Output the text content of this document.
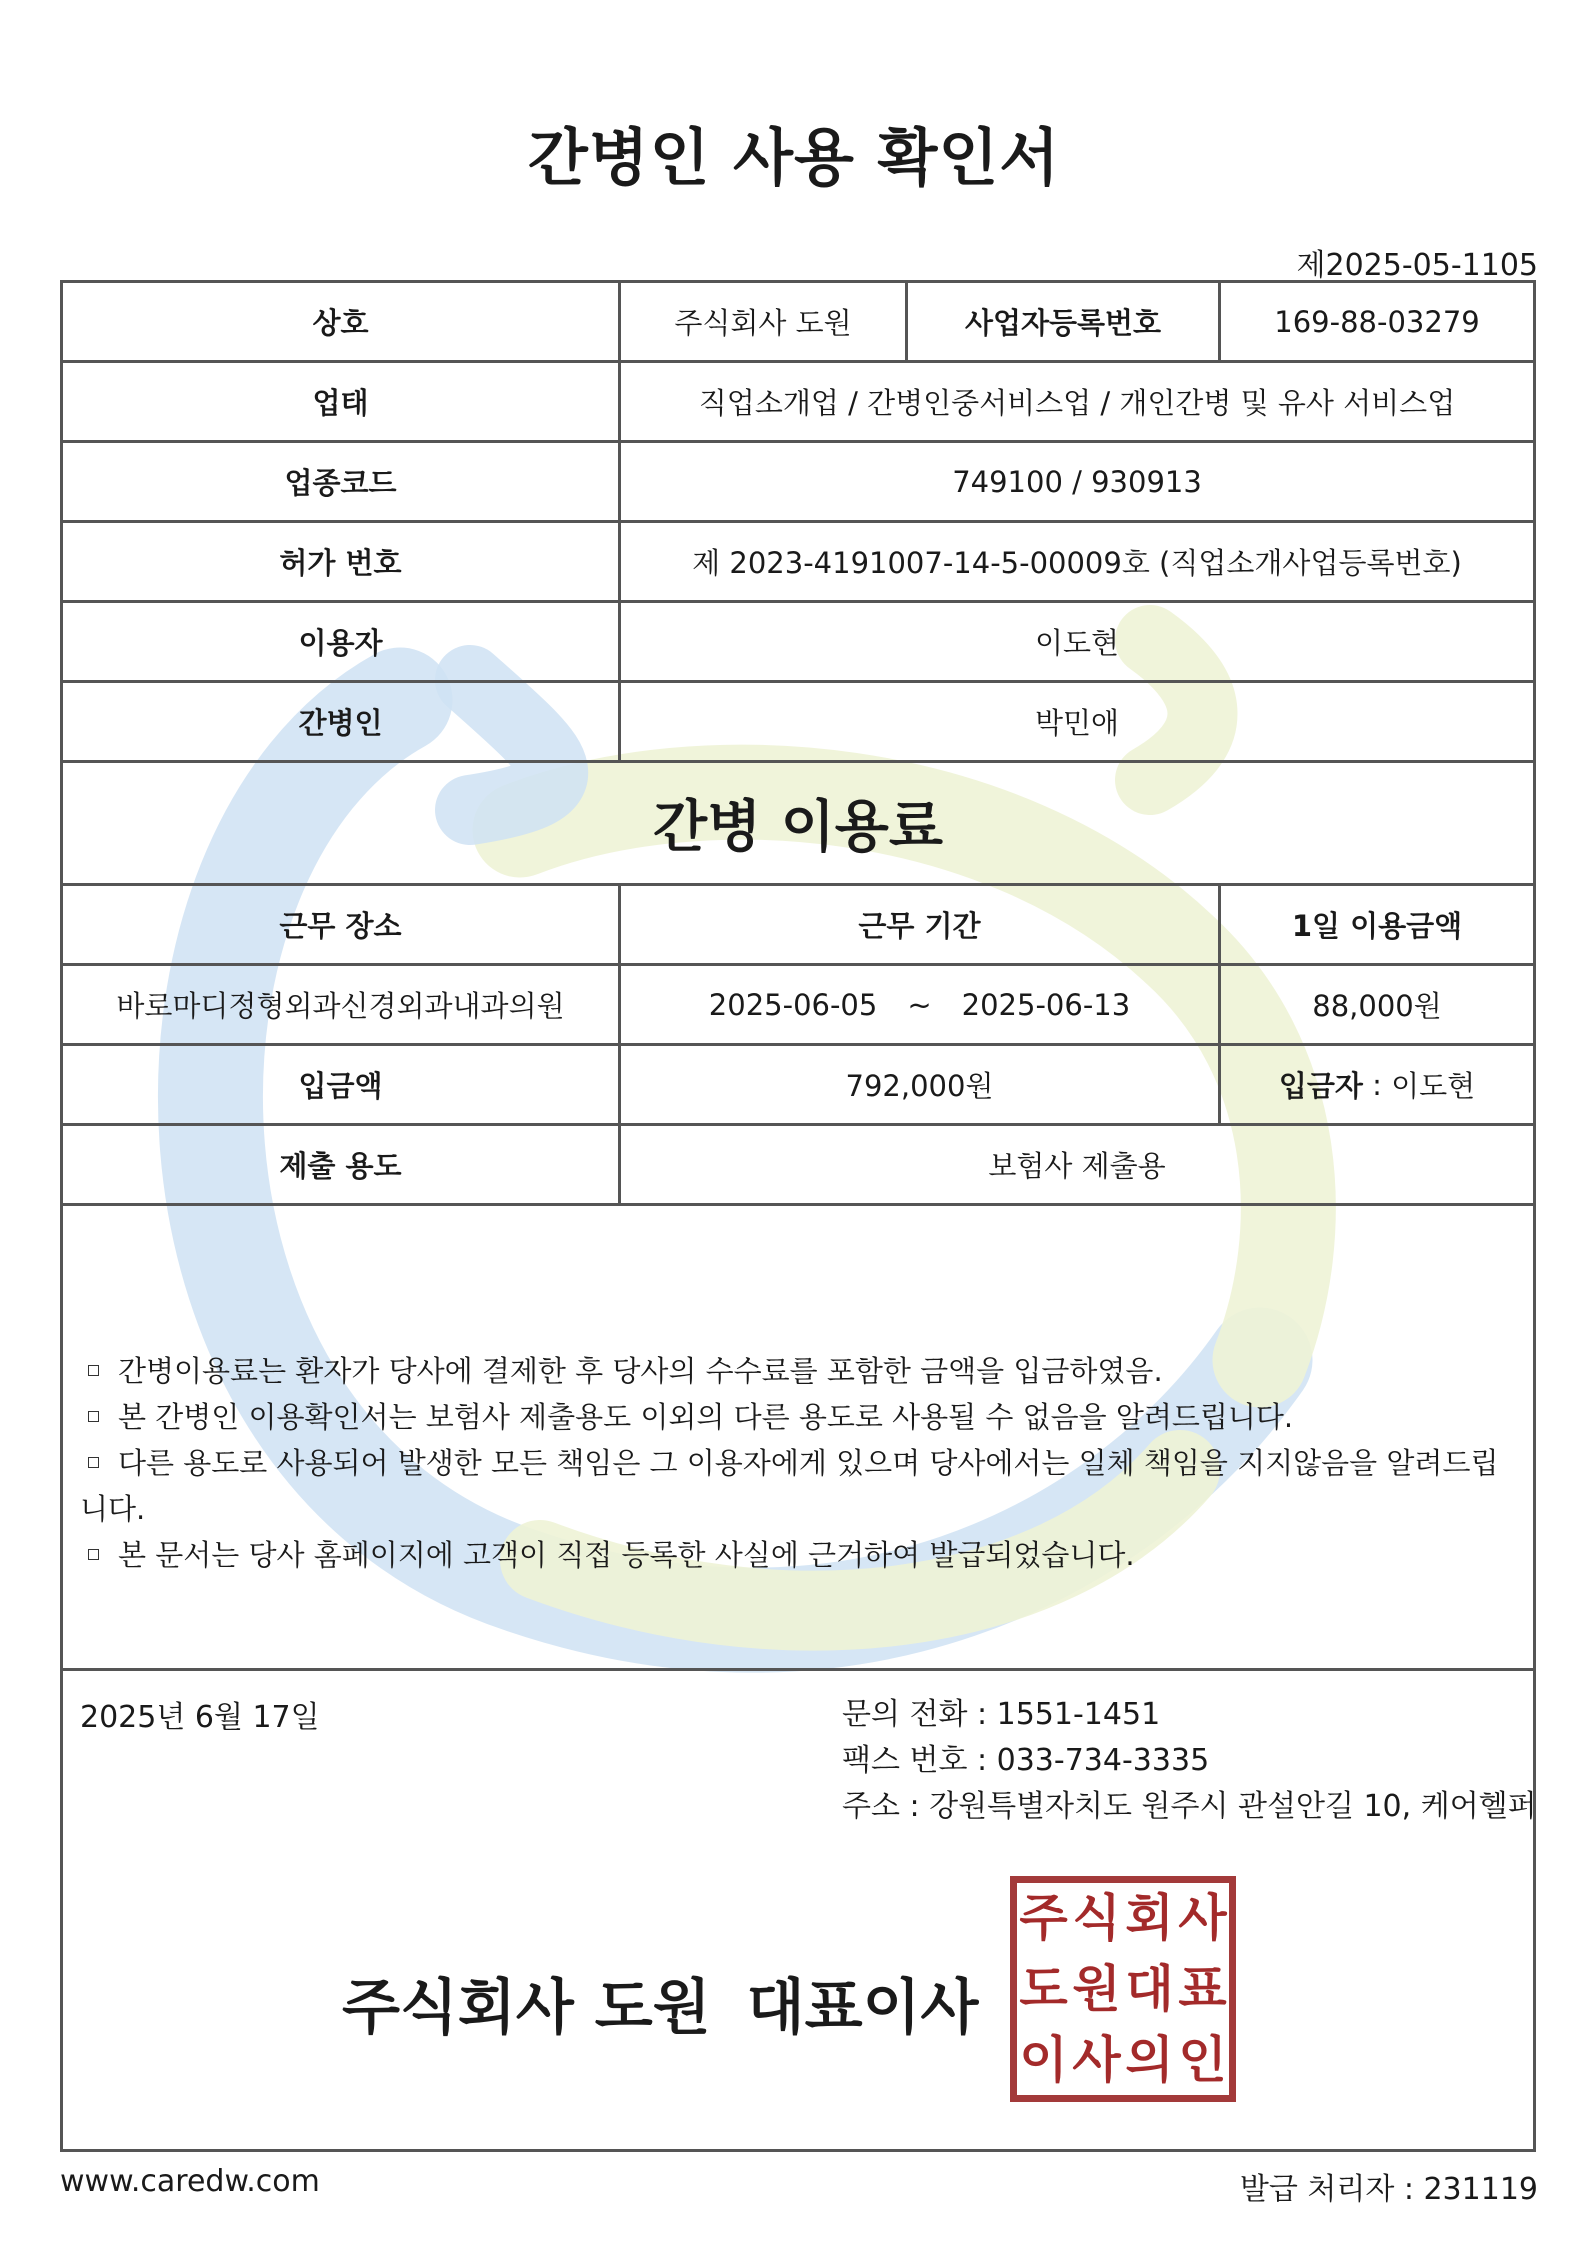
간병인 사용 확인서
제2025-05-1105
상호	주식회사 도원	사업자등록번호	169-88-03279
업태	직업소개업 / 간병인중서비스업 / 개인간병 및 유사 서비스업
업종코드	749100 / 930913
허가 번호	제 2023-4191007-14-5-00009호 (직업소개사업등록번호)
이용자	이도현
간병인	박민애
간병 이용료
근무 장소	근무 기간	1일 이용금액
바로마디정형외과신경외과내과의원	2025-06-05 ~ 2025-06-13	88,000원
입금액	792,000원	입금자 : 이도현
제출 용도	보험사 제출용
간병이용료는 환자가 당사에 결제한 후 당사의 수수료를 포함한 금액을 입금하였음.
본 간병인 이용확인서는 보험사 제출용도 이외의 다른 용도로 사용될 수 없음을 알려드립니다.
다른 용도로 사용되어 발생한 모든 책임은 그 이용자에게 있으며 당사에서는 일체 책임을 지지않음을 알려드립니다.
본 문서는 당사 홈페이지에 고객이 직접 등록한 사실에 근거하여 발급되었습니다.
2025년 6월 17일	문의 전화 : 1551-1451
팩스 번호 : 033-734-3335
주소 : 강원특별자치도 원주시 관설안길 10, 케어헬퍼
주식회사 도원 대표이사
주 식 회 사
도 원 대 표
이 사 의 인
www.caredw.com	발급 처리자 : 231119
